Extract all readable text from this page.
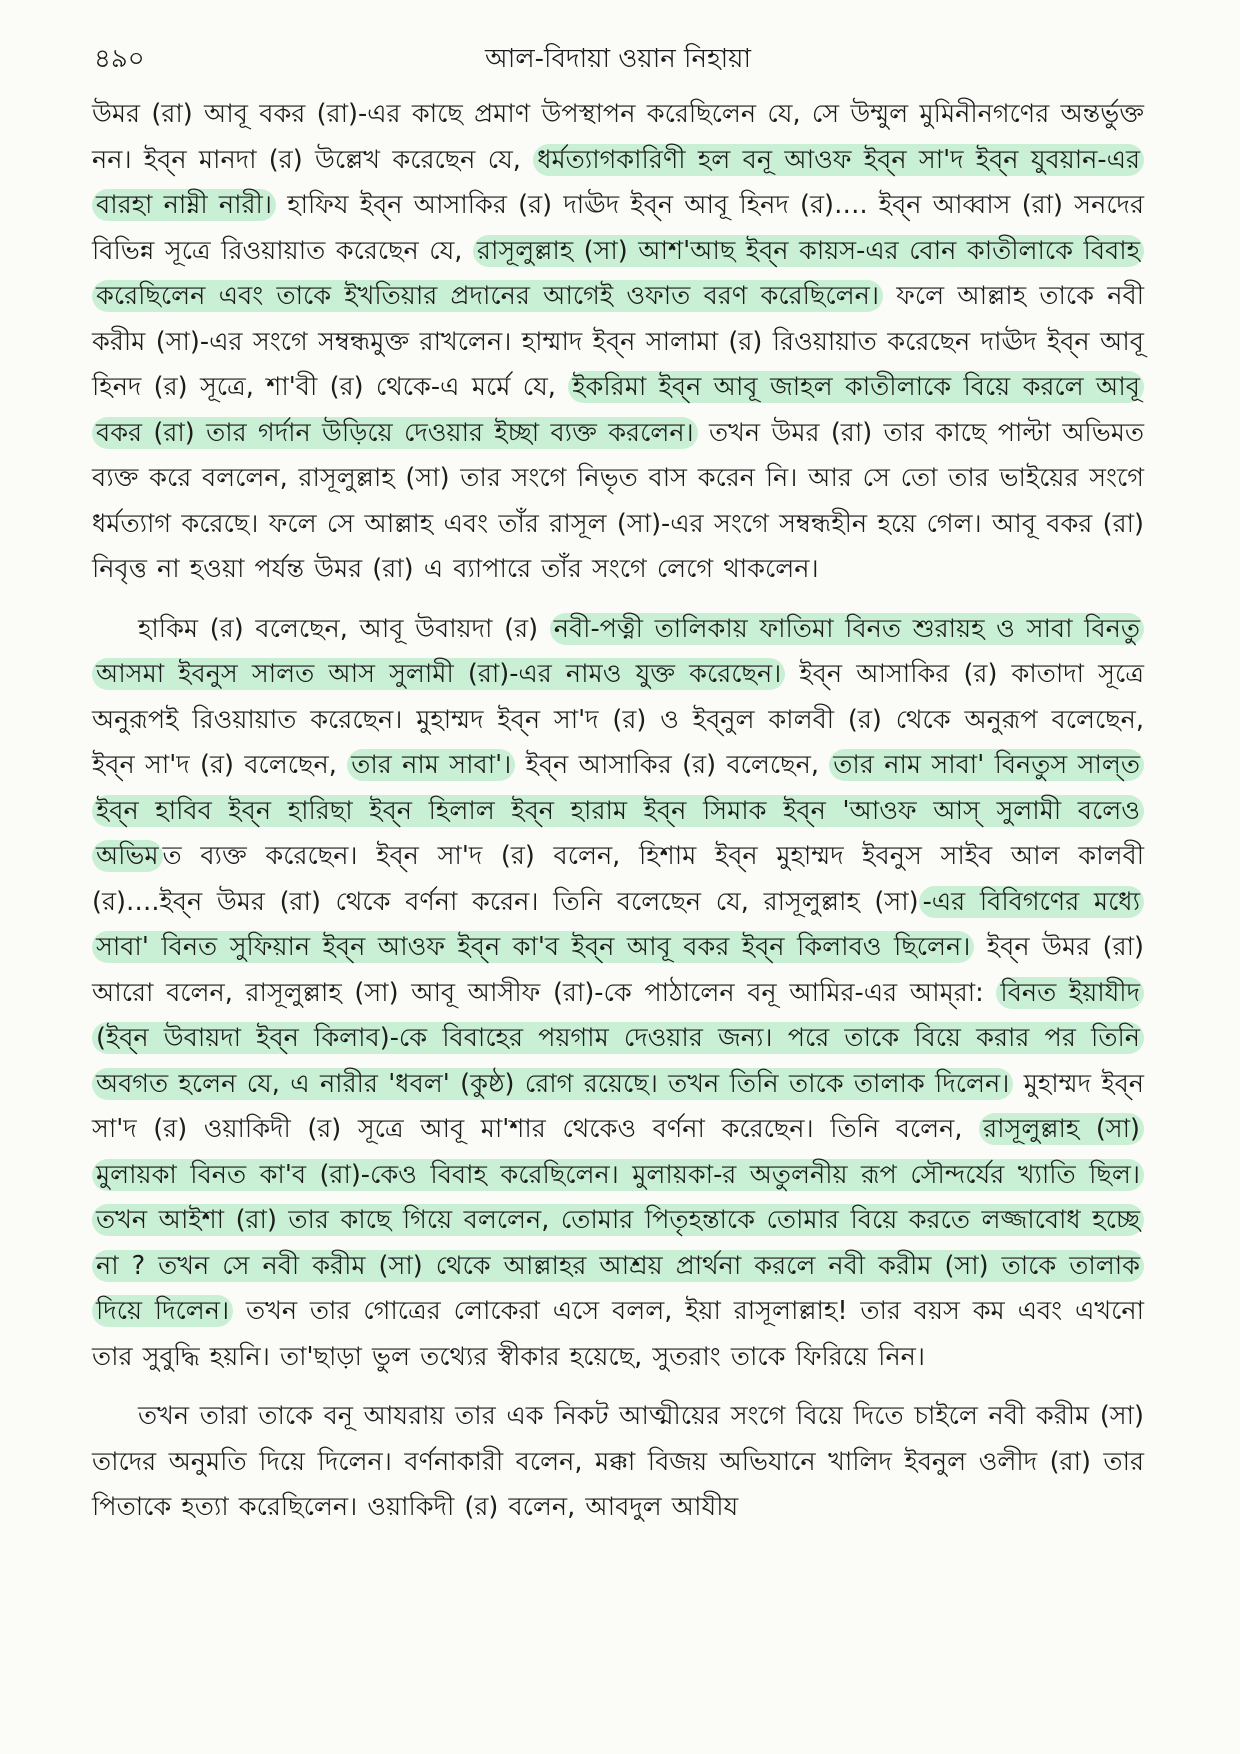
৪৯০	আল-বিদায়া ওয়ান নিহায়া

উমর (রা) আবূ বকর (রা)-এর কাছে প্রমাণ উপস্থাপন করেছিলেন যে, সে উম্মুল মুমিনীনগণের অন্তর্ভুক্ত নন। ইব্‌ন মানদা (র) উল্লেখ করেছেন যে, ধর্মত্যাগকারিণী হল বনূ আওফ ইব্‌ন সা'দ ইব্‌ন যুবয়ান-এর বারহা নাম্নী নারী। হাফিয ইব্‌ন আসাকির (র) দাঊদ ইব্‌ন আবূ হিনদ (র)…. ইব্‌ন আব্বাস (রা) সনদের বিভিন্ন সূত্রে রিওয়ায়াত করেছেন যে, রাসূলুল্লাহ (সা) আশ'আছ ইব্‌ন কায়স-এর বোন কাতীলাকে বিবাহ করেছিলেন এবং তাকে ইখতিয়ার প্রদানের আগেই ওফাত বরণ করেছিলেন। ফলে আল্লাহ তাকে নবী করীম (সা)-এর সংগে সম্বন্ধমুক্ত রাখলেন। হাম্মাদ ইব্‌ন সালামা (র) রিওয়ায়াত করেছেন দাঊদ ইব্‌ন আবূ হিনদ (র) সূত্রে, শা'বী (র) থেকে-এ মর্মে যে, ইকরিমা ইব্‌ন আবূ জাহল কাতীলাকে বিয়ে করলে আবূ বকর (রা) তার গর্দান উড়িয়ে দেওয়ার ইচ্ছা ব্যক্ত করলেন। তখন উমর (রা) তার কাছে পাল্টা অভিমত ব্যক্ত করে বললেন, রাসূলুল্লাহ (সা) তার সংগে নিভৃত বাস করেন নি। আর সে তো তার ভাইয়ের সংগে ধর্মত্যাগ করেছে। ফলে সে আল্লাহ এবং তাঁর রাসূল (সা)-এর সংগে সম্বন্ধহীন হয়ে গেল। আবূ বকর (রা) নিবৃত্ত না হওয়া পর্যন্ত উমর (রা) এ ব্যাপারে তাঁর সংগে লেগে থাকলেন।

হাকিম (র) বলেছেন, আবূ উবায়দা (র) নবী-পত্নী তালিকায় ফাতিমা বিনত শুরায়হ ও সাবা বিনতু আসমা ইবনুস সালত আস সুলামী (রা)-এর নামও যুক্ত করেছেন। ইব্‌ন আসাকির (র) কাতাদা সূত্রে অনুরূপই রিওয়ায়াত করেছেন। মুহাম্মদ ইব্‌ন সা'দ (র) ও ইব্‌নুল কালবী (র) থেকে অনুরূপ বলেছেন, ইব্‌ন সা'দ (র) বলেছেন, তার নাম সাবা'। ইব্‌ন আসাকির (র) বলেছেন, তার নাম সাবা' বিনতুস সাল্‌ত ইব্‌ন হাবিব ইব্‌ন হারিছা ইব্‌ন হিলাল ইব্‌ন হারাম ইব্‌ন সিমাক ইব্‌ন 'আওফ আস্‌ সুলামী বলেও অভিম ত ব্যক্ত করেছেন। ইব্‌ন সা'দ (র) বলেন, হিশাম ইব্‌ন মুহাম্মদ ইবনুস সাইব আল কালবী (র)….ইব্‌ন উমর (রা) থেকে বর্ণনা করেন। তিনি বলেছেন যে, রাসূলুল্লাহ (সা) -এর বিবিগণের মধ্যে সাবা' বিনত সুফিয়ান ইব্‌ন আওফ ইব্‌ন কা'ব ইব্‌ন আবূ বকর ইব্‌ন কিলাবও ছিলেন। ইব্‌ন উমর (রা) আরো বলেন, রাসূলুল্লাহ (সা) আবূ আসীফ (রা)-কে পাঠালেন বনূ আমির-এর আম্‌রা: বিনত ইয়াযীদ (ইব্‌ন উবায়দা ইব্‌ন কিলাব)-কে বিবাহের পয়গাম দেওয়ার জন্য। পরে তাকে বিয়ে করার পর তিনি অবগত হলেন যে, এ নারীর 'ধবল' (কুষ্ঠ) রোগ রয়েছে। তখন তিনি তাকে তালাক দিলেন। মুহাম্মদ ইব্‌ন সা'দ (র) ওয়াকিদী (র) সূত্রে আবূ মা'শার থেকেও বর্ণনা করেছেন। তিনি বলেন, রাসূলুল্লাহ (সা) মুলায়কা বিনত কা'ব (রা)-কেও বিবাহ করেছিলেন। মুলায়কা-র অতুলনীয় রূপ সৌন্দর্যের খ্যাতি ছিল। তখন আইশা (রা) তার কাছে গিয়ে বললেন, তোমার পিতৃহন্তাকে তোমার বিয়ে করতে লজ্জাবোধ হচ্ছে না ? তখন সে নবী করীম (সা) থেকে আল্লাহর আশ্রয় প্রার্থনা করলে নবী করীম (সা) তাকে তালাক দিয়ে দিলেন। তখন তার গোত্রের লোকেরা এসে বলল, ইয়া রাসূলাল্লাহ! তার বয়স কম এবং এখনো তার সুবুদ্ধি হয়নি। তা'ছাড়া ভুল তথ্যের স্বীকার হয়েছে, সুতরাং তাকে ফিরিয়ে নিন।

তখন তারা তাকে বনূ আযরায় তার এক নিকট আত্মীয়ের সংগে বিয়ে দিতে চাইলে নবী করীম (সা) তাদের অনুমতি দিয়ে দিলেন। বর্ণনাকারী বলেন, মক্কা বিজয় অভিযানে খালিদ ইবনুল ওলীদ (রা) তার পিতাকে হত্যা করেছিলেন। ওয়াকিদী (র) বলেন, আবদুল আযীয
